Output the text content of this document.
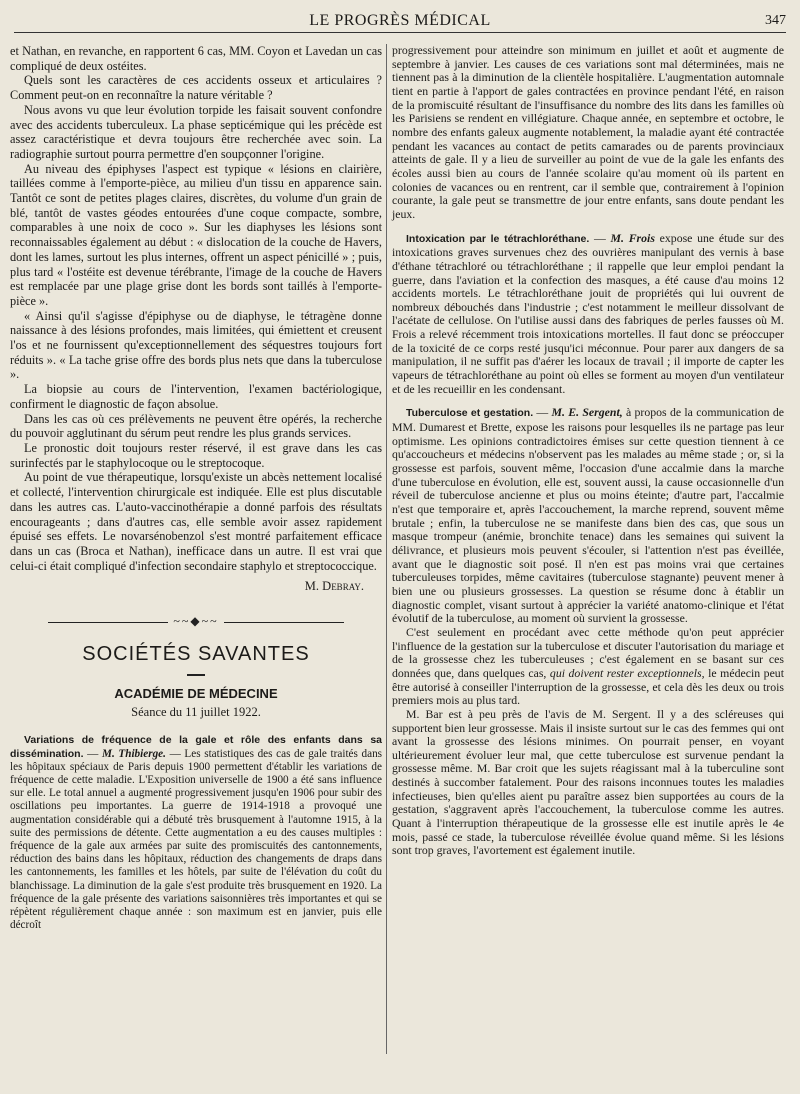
LE PROGRÈS MÉDICAL	347

et Nathan, en revanche, en rapportent 6 cas, MM. Coyon et Lavedan un cas compliqué de deux ostéites.

Quels sont les caractères de ces accidents osseux et articulaires ? Comment peut-on en reconnaître la nature véritable ?

Nous avons vu que leur évolution torpide les faisait souvent confondre avec des accidents tuberculeux. La phase septicémique qui les précède est assez caractéristique et devra toujours être recherchée avec soin. La radiographie surtout pourra permettre d'en soupçonner l'origine.

Au niveau des épiphyses l'aspect est typique « lésions en clairière, taillées comme à l'emporte-pièce, au milieu d'un tissu en apparence sain. Tantôt ce sont de petites plages claires, discrètes, du volume d'un grain de blé, tantôt de vastes géodes entourées d'une coque compacte, sombre, comparables à une noix de coco ». Sur les diaphyses les lésions sont reconnaissables également au début : « dislocation de la couche de Havers, dont les lames, surtout les plus internes, offrent un aspect pénicillé » ; puis, plus tard « l'ostéite est devenue térébrante, l'image de la couche de Havers est remplacée par une plage grise dont les bords sont taillés à l'emporte-pièce ».

« Ainsi qu'il s'agisse d'épiphyse ou de diaphyse, le tétragène donne naissance à des lésions profondes, mais limitées, qui émiettent et creusent l'os et ne fournissent qu'exceptionnellement des séquestres toujours fort réduits ». « La tache grise offre des bords plus nets que dans la tuberculose ».

La biopsie au cours de l'intervention, l'examen bactériologique, confirment le diagnostic de façon absolue.

Dans les cas où ces prélèvements ne peuvent être opérés, la recherche du pouvoir agglutinant du sérum peut rendre les plus grands services.

Le pronostic doit toujours rester réservé, il est grave dans les cas surinfectés par le staphylocoque ou le streptocoque.

Au point de vue thérapeutique, lorsqu'existe un abcès nettement localisé et collecté, l'intervention chirurgicale est indiquée. Elle est plus discutable dans les autres cas. L'auto-vaccinothérapie a donné parfois des résultats encourageants ; dans d'autres cas, elle semble avoir assez rapidement épuisé ses effets. Le novarsénobenzol s'est montré parfaitement efficace dans un cas (Broca et Nathan), inefficace dans un autre. Il est vrai que celui-ci était compliqué d'infection secondaire staphylo et streptococcique.

M. Debray.
~~◆~~
SOCIÉTÉS SAVANTES
ACADÉMIE DE MÉDECINE
Séance du 11 juillet 1922.

Variations de fréquence de la gale et rôle des enfants dans sa dissémination. — M. Thibierge. — Les statistiques des cas de gale traités dans les hôpitaux spéciaux de Paris depuis 1900 permettent d'établir les variations de fréquence de cette maladie. L'Exposition universelle de 1900 a été sans influence sur elle. Le total annuel a augmenté progressivement jusqu'en 1906 pour subir des oscillations peu importantes. La guerre de 1914-1918 a provoqué une augmentation considérable qui a débuté très brusquement à l'automne 1915, à la suite des permissions de détente. Cette augmentation a eu des causes multiples : fréquence de la gale aux armées par suite des promiscuités des cantonnements, réduction des bains dans les hôpitaux, réduction des changements de draps dans les cantonnements, les familles et les hôtels, par suite de l'élévation du coût du blanchissage. La diminution de la gale s'est produite très brusquement en 1920. La fréquence de la gale présente des variations saisonnières très importantes et qui se répètent régulièrement chaque année : son maximum est en janvier, puis elle décroît

progressivement pour atteindre son minimum en juillet et août et augmente de septembre à janvier. Les causes de ces variations sont mal déterminées, mais ne tiennent pas à la diminution de la clientèle hospitalière. L'augmentation automnale tient en partie à l'apport de gales contractées en province pendant l'été, en raison de la promiscuité résultant de l'insuffisance du nombre des lits dans les familles où les Parisiens se rendent en villégiature. Chaque année, en septembre et octobre, le nombre des enfants galeux augmente notablement, la maladie ayant été contractée pendant les vacances au contact de petits camarades ou de parents provinciaux atteints de gale. Il y a lieu de surveiller au point de vue de la gale les enfants des écoles aussi bien au cours de l'année scolaire qu'au moment où ils partent en colonies de vacances ou en rentrent, car il semble que, contrairement à l'opinion courante, la gale peut se transmettre de jour entre enfants, sans doute pendant les jeux.

Intoxication par le tétrachloréthane. — M. Frois expose une étude sur des intoxications graves survenues chez des ouvrières manipulant des vernis à base d'éthane tétrachloré ou tétrachloréthane ; il rappelle que leur emploi pendant la guerre, dans l'aviation et la confection des masques, a été cause d'au moins 12 accidents mortels. Le tétrachloréthane jouit de propriétés qui lui ouvrent de nombreux débouchés dans l'industrie ; c'est notamment le meilleur dissolvant de l'acétate de cellulose. On l'utilise aussi dans des fabriques de perles fausses où M. Frois a relevé récemment trois intoxications mortelles. Il faut donc se préoccuper de la toxicité de ce corps resté jusqu'ici méconnue. Pour parer aux dangers de sa manipulation, il ne suffit pas d'aérer les locaux de travail ; il importe de capter les vapeurs de tétrachloréthane au point où elles se forment au moyen d'un ventilateur et de les recueillir en les condensant.

Tuberculose et gestation. — M. E. Sergent, à propos de la communication de MM. Dumarest et Brette, expose les raisons pour lesquelles ils ne partage pas leur optimisme. Les opinions contradictoires émises sur cette question tiennent à ce qu'accoucheurs et médecins n'observent pas les malades au même stade ; or, si la grossesse est parfois, souvent même, l'occasion d'une accalmie dans la marche d'une tuberculose en évolution, elle est, souvent aussi, la cause occasionnelle d'un réveil de tuberculose ancienne et plus ou moins éteinte; d'autre part, l'accalmie n'est que temporaire et, après l'accouchement, la marche reprend, souvent même brutale ; enfin, la tuberculose ne se manifeste dans bien des cas, que sous un masque trompeur (anémie, bronchite tenace) dans les semaines qui suivent la délivrance, et plusieurs mois peuvent s'écouler, si l'attention n'est pas éveillée, avant que le diagnostic soit posé. Il n'en est pas moins vrai que certaines tuberculeuses torpides, même cavitaires (tuberculose stagnante) peuvent mener à bien une ou plusieurs grossesses. La question se résume donc à établir un diagnostic complet, visant surtout à apprécier la variété anatomo-clinique et l'état évolutif de la tuberculose, au moment où survient la grossesse.

C'est seulement en procédant avec cette méthode qu'on peut apprécier l'influence de la gestation sur la tuberculose et discuter l'autorisation du mariage et de la grossesse chez les tuberculeuses ; c'est également en se basant sur ces données que, dans quelques cas, qui doivent rester exceptionnels, le médecin peut être autorisé à conseiller l'interruption de la grossesse, et cela dès les deux ou trois premiers mois au plus tard.

M. Bar est à peu près de l'avis de M. Sergent. Il y a des scléreuses qui supportent bien leur grossesse. Mais il insiste surtout sur le cas des femmes qui ont avant la grossesse des lésions minimes. On pourrait penser, en voyant ultérieurement évoluer leur mal, que cette tuberculose est survenue pendant la grossesse même. M. Bar croit que les sujets réagissant mal à la tuberculine sont destinés à succomber fatalement. Pour des raisons inconnues toutes les maladies infectieuses, bien qu'elles aient pu paraître assez bien supportées au cours de la gestation, s'aggravent après l'accouchement, la tuberculose comme les autres. Quant à l'interruption thérapeutique de la grossesse elle est inutile après le 4e mois, passé ce stade, la tuberculose réveillée évolue quand même. Si les lésions sont trop graves, l'avortement est également inutile.
